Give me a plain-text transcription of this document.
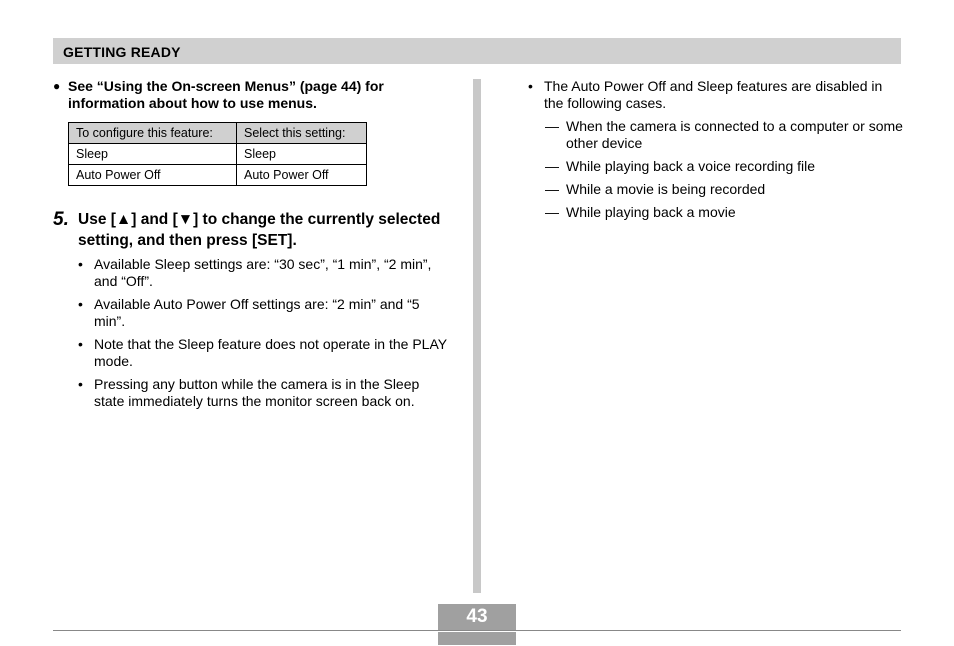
GETTING READY
● See “Using the On-screen Menus” (page 44) for information about how to use menus.
To configure this feature:	Select this setting:
Sleep	Sleep
Auto Power Off	Auto Power Off
5. Use [▲] and [▼] to change the currently selected setting, and then press [SET].
• Available Sleep settings are: “30 sec”, “1 min”, “2 min”, and “Off”.
• Available Auto Power Off settings are: “2 min” and “5 min”.
• Note that the Sleep feature does not operate in the PLAY mode.
• Pressing any button while the camera is in the Sleep state immediately turns the monitor screen back on.
• The Auto Power Off and Sleep features are disabled in the following cases.
— When the camera is connected to a computer or some other device
— While playing back a voice recording file
— While a movie is being recorded
— While playing back a movie
43
